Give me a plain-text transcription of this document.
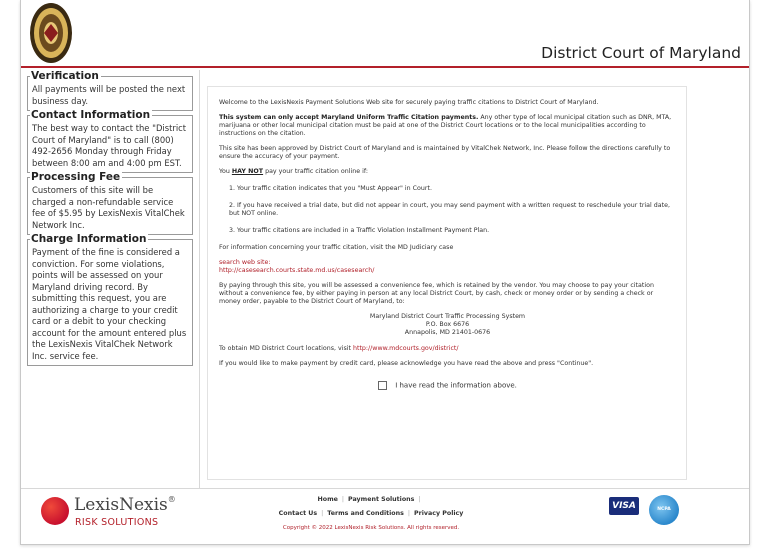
District Court of Maryland
Verification

All payments will be posted the next business day.

Contact Information

The best way to contact the "District Court of Maryland" is to call (800) 492-2656 Monday through Friday between 8:00 am and 4:00 pm EST.

Processing Fee

Customers of this site will be charged a non-refundable service fee of $5.95 by LexisNexis VitalChek Network Inc.

Charge Information

Payment of the fine is considered a conviction. For some violations, points will be assessed on your Maryland driving record. By submitting this request, you are authorizing a charge to your credit card or a debit to your checking account for the amount entered plus the LexisNexis VitalChek Network Inc. service fee.

Welcome to the LexisNexis Payment Solutions Web site for securely paying traffic citations to District Court of Maryland.

This system can only accept Maryland Uniform Traffic Citation payments. Any other type of local municipal citation such as DNR, MTA, marijuana or other local municipal citation must be paid at one of the District Court locations or to the local municipalities according to instructions on the citation.

This site has been approved by District Court of Maryland and is maintained by VitalChek Network, Inc. Please follow the directions carefully to ensure the accuracy of your payment.

You HAY NOT pay your traffic citation online if:

1. Your traffic citation indicates that you "Must Appear" in Court.
2. If you have received a trial date, but did not appear in court, you may send payment with a written request to reschedule your trial date, but NOT online.
3. Your traffic citations are included in a Traffic Violation Installment Payment Plan.

For information concerning your traffic citation, visit the MD Judiciary case

search web site:
http://casesearch.courts.state.md.us/casesearch/

By paying through this site, you will be assessed a convenience fee, which is retained by the vendor. You may choose to pay your citation without a convenience fee, by either paying in person at any local District Court, by cash, check or money order or by sending a check or money order, payable to the District Court of Maryland, to:

Maryland District Court Traffic Processing System
P.O. Box 6676
Annapolis, MD 21401-0676

To obtain MD District Court locations, visit http://www.mdcourts.gov/district/

If you would like to make payment by credit card, please acknowledge you have read the above and press "Continue".

I have read the information above.
LexisNexis®
RISK SOLUTIONS
Home | Payment Solutions |
Contact Us | Terms and Conditions | Privacy Policy
Copyright © 2022 LexisNexis Risk Solutions. All rights reserved.
VISA	NCPA
